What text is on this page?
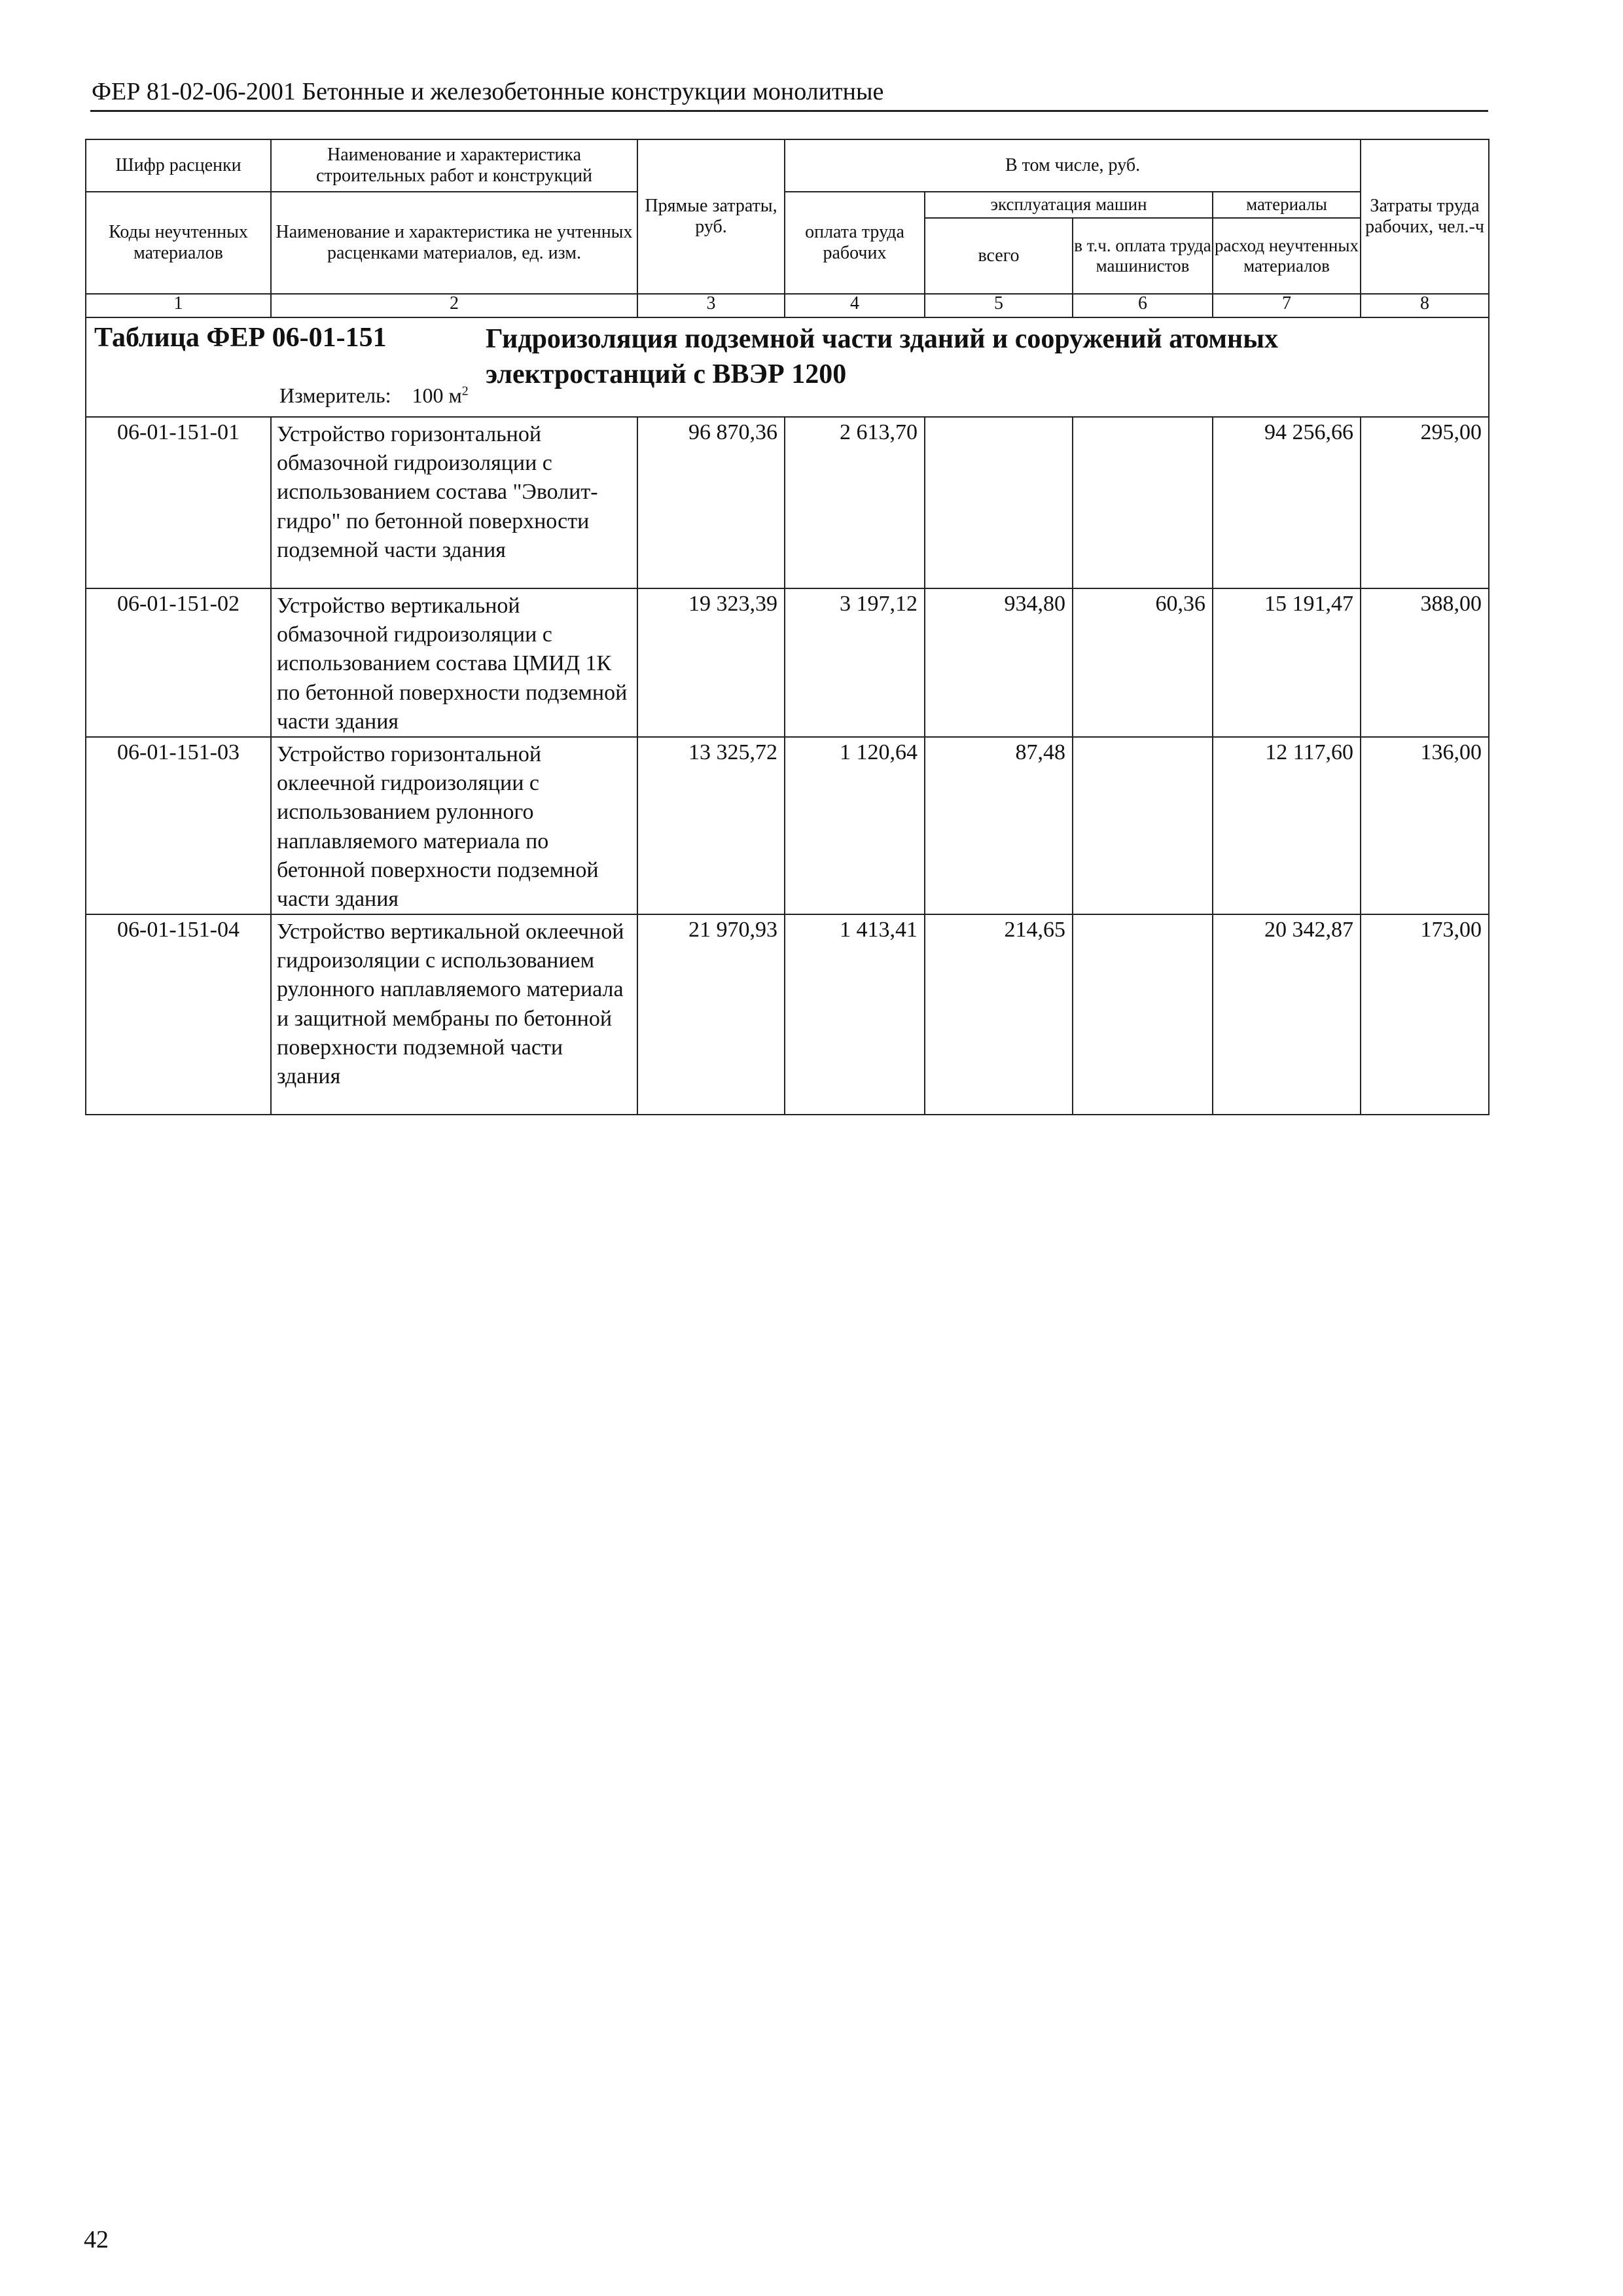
ФЕР 81-02-06-2001 Бетонные и железобетонные конструкции монолитные
Шифр расценки	Наименование и характеристика строительных работ и конструкций	Прямые затраты, руб.	В том числе, руб.				Затраты труда рабочих, чел.-ч
Коды неучтенных материалов	Наименование и характеристика не учтенных расценками материалов, ед. изм.		оплата труда рабочих	эксплуатация машин		материалы	
				всего	в т.ч. оплата труда машинистов	расход неучтенных материалов	
1	2	3	4	5	6	7	8

Таблица ФЕР 06-01-151 Гидроизоляция подземной части зданий и сооружений атомных электростанций с ВВЭР 1200
Измеритель: 100 $м^2$

06-01-151-01	Устройство горизонтальной обмазочной гидроизоляции с использованием состава "Эволит-гидро" по бетонной поверхности подземной части здания	96 870,36	2 613,70			94 256,66	295,00
06-01-151-02	Устройство вертикальной обмазочной гидроизоляции с использованием состава ЦМИД 1К по бетонной поверхности подземной части здания	19 323,39	3 197,12	934,80	60,36	15 191,47	388,00
06-01-151-03	Устройство горизонтальной оклеечной гидроизоляции с использованием рулонного наплавляемого материала по бетонной поверхности подземной части здания	13 325,72	1 120,64	87,48		12 117,60	136,00
06-01-151-04	Устройство вертикальной оклеечной гидроизоляции с использованием рулонного наплавляемого материала и защитной мембраны по бетонной поверхности подземной части здания	21 970,93	1 413,41	214,65		20 342,87	173,00
42
